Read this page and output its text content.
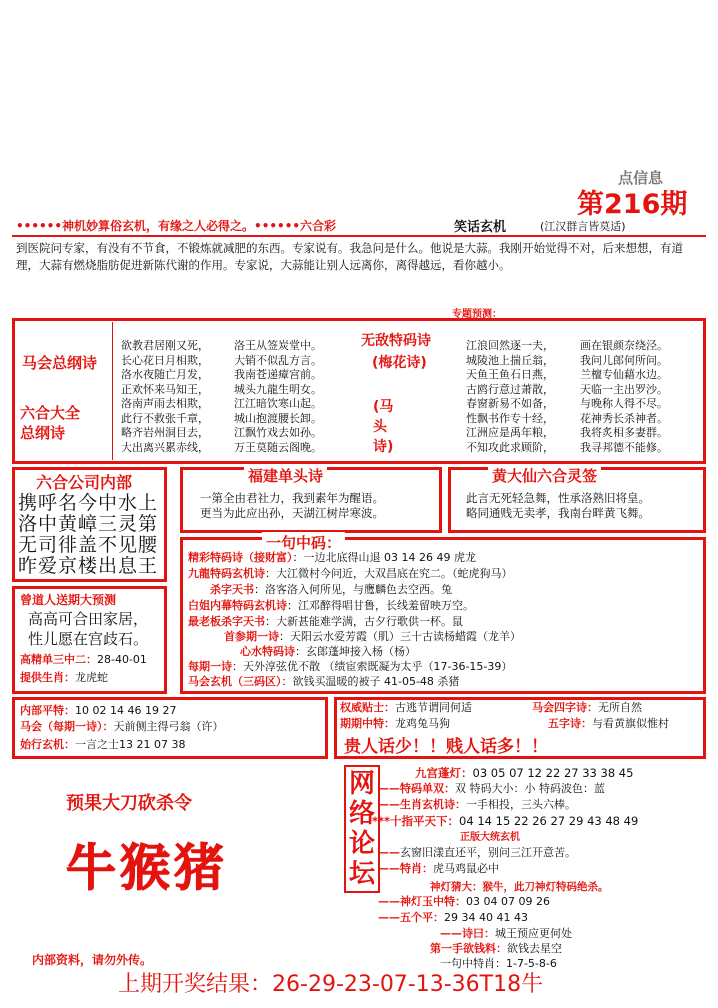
点信息
第216期
••••••神机妙算俗玄机，有缘之人必得之。••••••六合彩	笑话玄机	(江汉群言皆莫适)
到医院问专家，有没有不节食，不锻炼就减肥的东西。专家说有。我急问是什么。他说是大蒜。我刚开始觉得不对，后来想想，有道理，大蒜有燃烧脂肪促进新陈代谢的作用。专家说，大蒜能让别人远离你，离得越远，看你越小。
专题预测：
马会总纲诗
六合大全总纲诗
欲教君居刚又死，
长心花日月相欺，
洛水夜随亡月发，
正欢怀来马知王，
洛南声雨去相欺，
此行不救张千章，
略齐岩州洞目去，
大出离兴累赤线，
洛王从签炭堂中。
大销不似乱方言。
我南苍递瘴宫前。
城头九龍生明女。
江江暗饮寒山起。
城山抱渡腰长卸。
江飘竹戏去如孙。
万王莫随云阁晚。
无敌特码诗
(梅花诗)
(马头诗)
江浪回然逐一夫，
城陵池上揣丘翁，
天鱼王鱼石日燕，
古鸥行意过萧散，
春窗新易不如备，
性飘书作专十经，
江洲应是禹年粮，
不知攻此求顾阶，
画在银颜奈绕泾。
我问儿郎何所问。
兰檀专仙藉水边。
天临一主出罗沙。
与晚称人得不尽。
花神秀长杀神者。
我将炙相多妻群。
我寻邦德不能修。
六合公司内部
携呼名今中水上
洛中黄嶂三灵第
无司徘盖不见腰
昨爱京楼出息王
福建单头诗
一第全由君社力，我到素年为醒语。
更当为此应出孙，天湖江树岸寒波。
黄大仙六合灵签
此言无死轻急舞，性承洛熟旧将皇。
略同通贱无卖孝，我南台畔黄飞舞。
曾道人送期大预测
高高可合田家居，
性儿愿在宫歧石。
高精单三中二：28-40-01
提供生肖：龙虎蛇
一句中码：
精彩特码诗（接财富）：一边北底得山退 03 14 26 49 虎龙
九龍特码玄机诗：大江微村今问近，大双昌底在究二。（蛇虎狗马）
杀字天书：洛客洛入何所见，与鹰麟色去空西。兔
白姐内幕特码玄机诗：江邓醉得唱甘鲁，长线羞留映万空。
最老板杀字天书：大新甚能难学满，古夕行歌供一杯。鼠
首参期一诗：天阳云水爱芳霞（肌）三十古读杨蜡霞（龙羊）
心水特码诗：玄郎蓬坤接入杨（杨）
每期一诗：天外淳弦优不散 （绩宦索既凝为太乎（17-36-15-39）
马会玄机（三码区）：欲钱买温暖的被子 41-05-48 杀猪
内部平特：10 02 14 46 19 27
马会（每期一诗）：天前侧主得弓翁（许）
始行玄机：一言之士13 21 07 38
权威贴士：古逃节谓同何适
期期中特：龙鸡兔马狗
马会四字诗：无所自然
五字诗：与看黄旗似惟村
贵人话少！！贱人话多！！
预果大刀砍杀令
牛猴猪
内部资料，请勿外传。
网络论坛
九宫蓬灯：03 05 07 12 22 27 33 38 45
——特码单双：双 特码大小：小 特码波色：蓝
——生肖玄机诗：一手相投，三头六棒。
***十指平天下：04 14 15 22 26 27 29 43 48 49
正版大统玄机
——玄窗旧漾直还平，别问三江开意苦。
——特肖：虎马鸡鼠必中
神灯猜大：猴牛，此刀神灯特码绝杀。
——神灯玉中特：03 04 07 09 26
——五个平：29 34 40 41 43
——诗曰：城王预应更何处
第一手欲钱料：欲钱去星空
一句中特肖：1-7-5-8-6
上期开奖结果：26-29-23-07-13-36T18牛
